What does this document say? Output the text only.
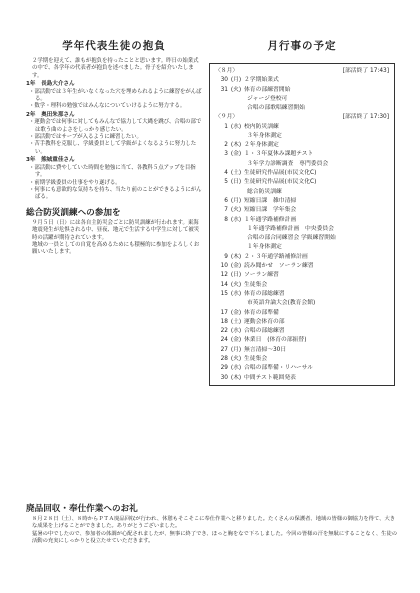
学年代表生徒の抱負

２学期を迎えて、誰もが抱負を持ったことと思います。昨日の始業式の中で、各学年の代表者が抱負を述べました。骨子を紹介いたします。

1年　長島大介さん
・部活動では３年生がいなくなった穴を埋められるように練習をがんばる。
・数学・理科の勉強ではみんなについていけるように努力する。
2年　奥田朱那さん
・運動会では何事に対してもみんなで協力して大縄を跳び、合唱の部では歌う曲のよさをしっかり感じたい。
・部活動ではサーブが入るように練習したい。
・苦手教科を克服し、学級委員として学級がよくなるように努力したい。
3年　熊城重佳さん
・部活動に費やしていた時間を勉強に当て、各教科５点アップを目指す。
・前期学級委員の仕事をやり遂げる。
・何事にも意欲的な気持ちを持ち、当たり前のことができるようにがんばる。
総合防災訓練への参加を

９月５日（日）には各自主防災会ごとに防災訓練が行われます。東海地震発生が危惧される中、昼夜、地元で生活する中学生に対して被災時の活躍が期待されています。

地域の一員としての自覚を高めるためにも積極的に参加をよろしくお願いいたします。

月行事の予定
〈８月〉	[部活終了 17:43]
30 (月) ２学期始業式
31 (火) 体育の部練習開始
ジャージ登校可
合唱の部歌唱練習開始
〈９月〉	[部活終了 17:30]
1 (水) 校内防災訓練
３年身体測定
2 (木) ２年身体測定
3 (金) １・３年夏休み課題テスト
３年学力診断調査　専門委員会
4 (土) 生徒研究作品展(市民文化C)
5 (日) 生徒研究作品展(市民文化C)
総合防災訓練
6 (月) 短縮日課　雑巾清掃
7 (火) 短縮日課　学年集会
8 (水) １年通学路補修計画
１年通学路補修計画　中央委員会
合唱の部合同練習会 学級練習開始
１年身体測定
9 (木) ２・３年通学路補修計画
10 (金) 読み聞かせ　ソーラン練習
12 (日) ソーラン練習
14 (火) 生徒集会
15 (水) 体育の部総練習
市英語弁論大会(教育会館)
17 (金) 体育の部準備
18 (土) 運動会体育の部
22 (水) 合唱の部総練習
24 (金) 休業日　(体育の部振替)
27 (月) 無言清掃～30日
28 (火) 生徒集会
29 (水) 合唱の部準備・リハーサル
30 (木) 中間テスト範囲発表
廃品回収・奉仕作業へのお礼

８月２８日（土）、８時からＰＴＡ廃品回収が行われ、休憩もそこそこに奉仕作業へと移りました。たくさんの保護者、地域の皆様の御協力を得て、大きな成果を上げることができました。ありがとうございました。

猛暑の中でしたので、参加者の体調が心配されましたが、無事に終了でき、ほっと胸をなで下ろしました。今回の皆様の汗を無駄にすることなく、生徒の活動の充実にしっかりと役立たせていただきます。
